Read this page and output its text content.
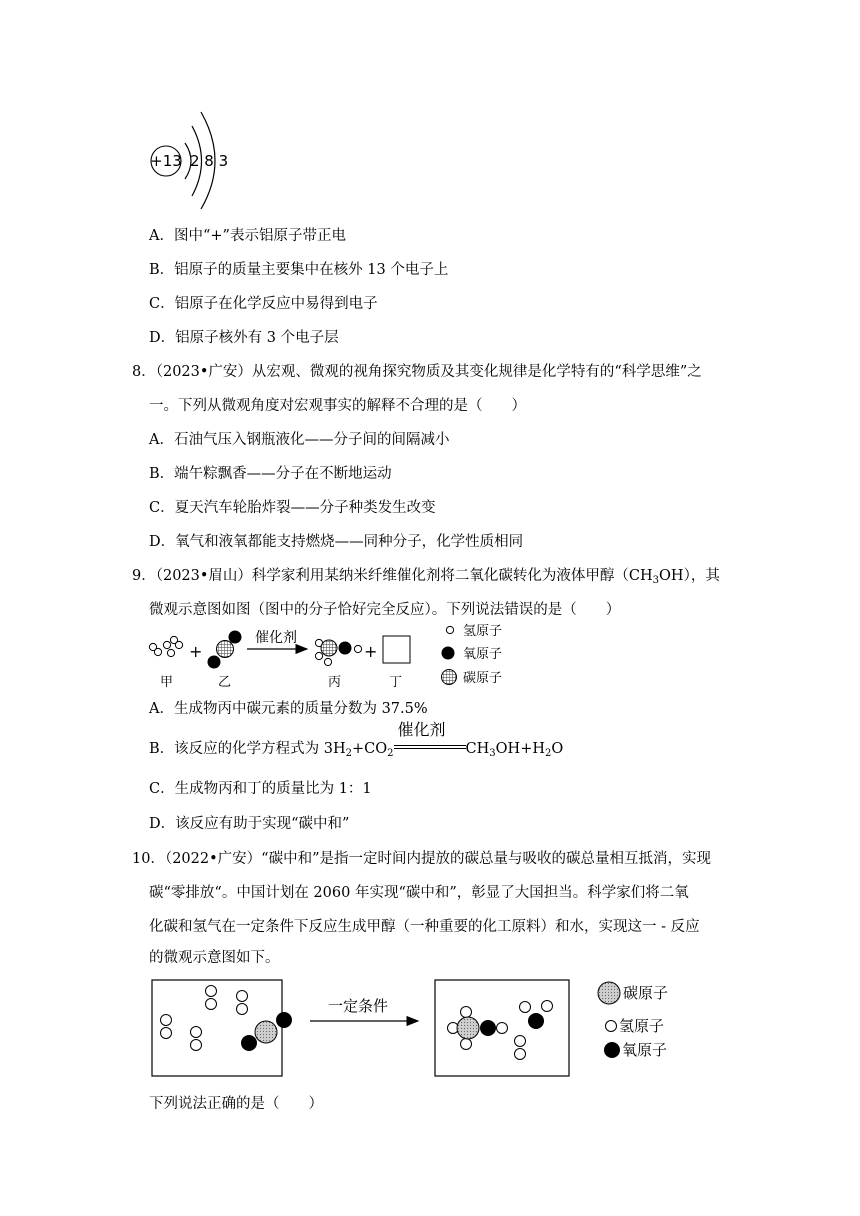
+13 2 8 3
A．图中“+”表示铝原子带正电
B．铝原子的质量主要集中在核外 13 个电子上
C．铝原子在化学反应中易得到电子
D．铝原子核外有 3 个电子层
8．（2023•广安）从宏观、微观的视角探究物质及其变化规律是化学特有的“科学思维”之
一。下列从微观角度对宏观事实的解释不合理的是（　　）
A．石油气压入钢瓶液化——分子间的间隔减小
B．端午粽飘香——分子在不断地运动
C．夏天汽车轮胎炸裂——分子种类发生改变
D．氧气和液氧都能支持燃烧——同种分子，化学性质相同
9．（2023•眉山）科学家利用某纳米纤维催化剂将二氧化碳转化为液体甲醇$(CH_3OH)$，其
微观示意图如图（图中的分子恰好完全反应）。下列说法错误的是（　　）
+
催化剂
+
甲	乙	丙	丁
氢原子
氧原子
碳原子
A．生成物丙中碳元素的质量分数为 37.5%
B．该反应的化学方程式为 $3H_2+CO_2$
催化剂
$CH_3OH+H_2O$
C．生成物丙和丁的质量比为 1：1
D．该反应有助于实现“碳中和”
10．（2022•广安）“碳中和”是指一定时间内提放的碳总量与吸收的碳总量相互抵消，实现
碳“零排放“。中国计划在 2060 年实现“碳中和”，彰显了大国担当。科学家们将二氧
化碳和氢气在一定条件下反应生成甲醇（一种重要的化工原料）和水，实现这一 - 反应
的微观示意图如下。
一定条件
碳原子
氢原子
氧原子
下列说法正确的是（　　）
